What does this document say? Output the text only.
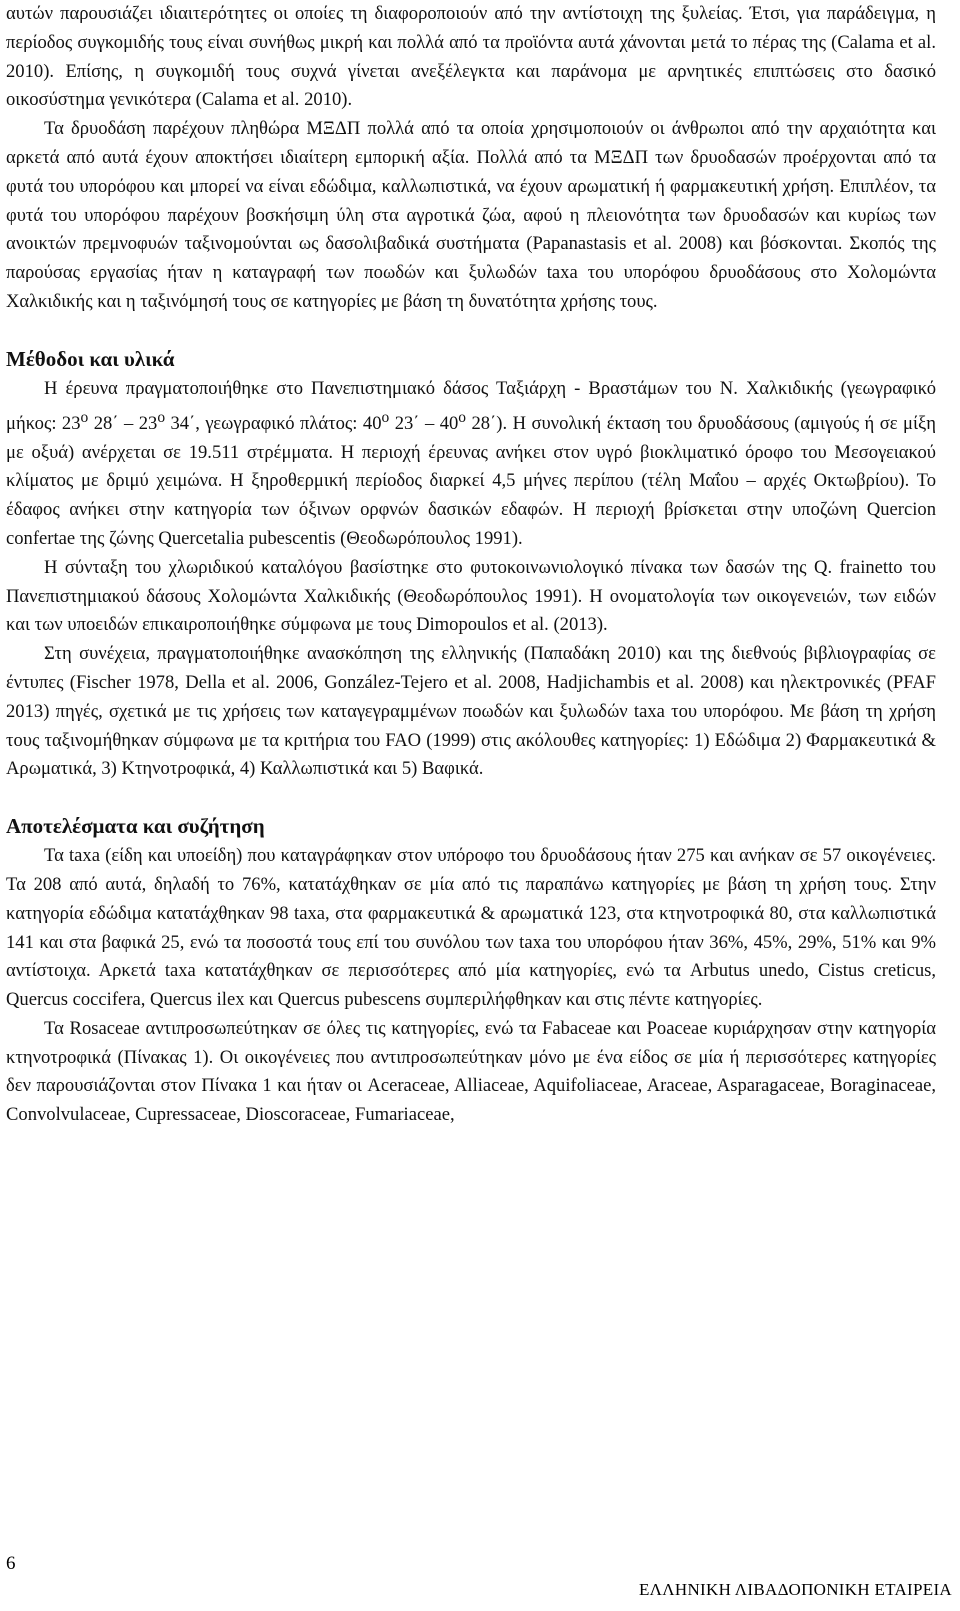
αυτών παρουσιάζει ιδιαιτερότητες οι οποίες τη διαφοροποιούν από την αντίστοιχη της ξυλείας. Έτσι, για παράδειγμα, η περίοδος συγκομιδής τους είναι συνήθως μικρή και πολλά από τα προϊόντα αυτά χάνονται μετά το πέρας της (Calama et al. 2010). Επίσης, η συγκομιδή τους συχνά γίνεται ανεξέλεγκτα και παράνομα με αρνητικές επιπτώσεις στο δασικό οικοσύστημα γενικότερα (Calama et al. 2010).

Τα δρυοδάση παρέχουν πληθώρα ΜΞΔΠ πολλά από τα οποία χρησιμοποιούν οι άνθρωποι από την αρχαιότητα και αρκετά από αυτά έχουν αποκτήσει ιδιαίτερη εμπορική αξία. Πολλά από τα ΜΞΔΠ των δρυοδασών προέρχονται από τα φυτά του υπορόφου και μπορεί να είναι εδώδιμα, καλλωπιστικά, να έχουν αρωματική ή φαρμακευτική χρήση. Επιπλέον, τα φυτά του υπορόφου παρέχουν βοσκήσιμη ύλη στα αγροτικά ζώα, αφού η πλειονότητα των δρυοδασών και κυρίως των ανοικτών πρεμνοφυών ταξινομούνται ως δασολιβαδικά συστήματα (Papanastasis et al. 2008) και βόσκονται. Σκοπός της παρούσας εργασίας ήταν η καταγραφή των ποωδών και ξυλωδών taxa του υπορόφου δρυοδάσους στο Χολομώντα Χαλκιδικής και η ταξινόμησή τους σε κατηγορίες με βάση τη δυνατότητα χρήσης τους.

Μέθοδοι και υλικά

Η έρευνα πραγματοποιήθηκε στο Πανεπιστημιακό δάσος Ταξιάρχη - Βραστάμων του Ν. Χαλκιδικής (γεωγραφικό μήκος: $23^o$ $28΄ - 23^o$ 34΄, γεωγραφικό πλάτος: $40^o$ $23΄ - 40^o$ 28΄). Η συνολική έκταση του δρυοδάσους (αμιγούς ή σε μίξη με οξυά) ανέρχεται σε 19.511 στρέμματα. Η περιοχή έρευνας ανήκει στον υγρό βιοκλιματικό όροφο του Μεσογειακού κλίματος με δριμύ χειμώνα. Η ξηροθερμική περίοδος διαρκεί 4,5 μήνες περίπου (τέλη Μαΐου – αρχές Οκτωβρίου). Το έδαφος ανήκει στην κατηγορία των όξινων ορφνών δασικών εδαφών. Η περιοχή βρίσκεται στην υποζώνη Quercion confertae της ζώνης Quercetalia pubescentis (Θεοδωρόπουλος 1991).

Η σύνταξη του χλωριδικού καταλόγου βασίστηκε στο φυτοκοινωνιολογικό πίνακα των δασών της Q. frainetto του Πανεπιστημιακού δάσους Χολομώντα Χαλκιδικής (Θεοδωρόπουλος 1991). Η ονοματολογία των οικογενειών, των ειδών και των υποειδών επικαιροποιήθηκε σύμφωνα με τους Dimopoulos et al. (2013).

Στη συνέχεια, πραγματοποιήθηκε ανασκόπηση της ελληνικής (Παπαδάκη 2010) και της διεθνούς βιβλιογραφίας σε έντυπες (Fischer 1978, Della et al. 2006, González-Tejero et al. 2008, Hadjichambis et al. 2008) και ηλεκτρονικές (PFAF 2013) πηγές, σχετικά με τις χρήσεις των καταγεγραμμένων ποωδών και ξυλωδών taxa του υπορόφου. Με βάση τη χρήση τους ταξινομήθηκαν σύμφωνα με τα κριτήρια του FAO (1999) στις ακόλουθες κατηγορίες: 1) Εδώδιμα 2) Φαρμακευτικά & Αρωματικά, 3) Κτηνοτροφικά, 4) Καλλωπιστικά και 5) Βαφικά.

Αποτελέσματα και συζήτηση

Τα taxa (είδη και υποείδη) που καταγράφηκαν στον υπόροφο του δρυοδάσους ήταν 275 και ανήκαν σε 57 οικογένειες. Τα 208 από αυτά, δηλαδή το 76%, κατατάχθηκαν σε μία από τις παραπάνω κατηγορίες με βάση τη χρήση τους. Στην κατηγορία εδώδιμα κατατάχθηκαν 98 taxa, στα φαρμακευτικά & αρωματικά 123, στα κτηνοτροφικά 80, στα καλλωπιστικά 141 και στα βαφικά 25, ενώ τα ποσοστά τους επί του συνόλου των taxa του υπορόφου ήταν 36%, 45%, 29%, 51% και 9% αντίστοιχα. Αρκετά taxa κατατάχθηκαν σε περισσότερες από μία κατηγορίες, ενώ τα Arbutus unedo, Cistus creticus, Quercus coccifera, Quercus ilex και Quercus pubescens συμπεριλήφθηκαν και στις πέντε κατηγορίες.

Τα Rosaceae αντιπροσωπεύτηκαν σε όλες τις κατηγορίες, ενώ τα Fabaceae και Poaceae κυριάρχησαν στην κατηγορία κτηνοτροφικά (Πίνακας 1). Οι οικογένειες που αντιπροσωπεύτηκαν μόνο με ένα είδος σε μία ή περισσότερες κατηγορίες δεν παρουσιάζονται στον Πίνακα 1 και ήταν οι Aceraceae, Alliaceae, Aquifoliaceae, Araceae, Asparagaceae, Boraginaceae, Convolvulaceae, Cupressaceae, Dioscoraceae, Fumariaceae,

6
ΕΛΛΗΝΙΚΗ ΛΙΒΑΔΟΠΟΝΙΚΗ ΕΤΑΙΡΕΙΑ
